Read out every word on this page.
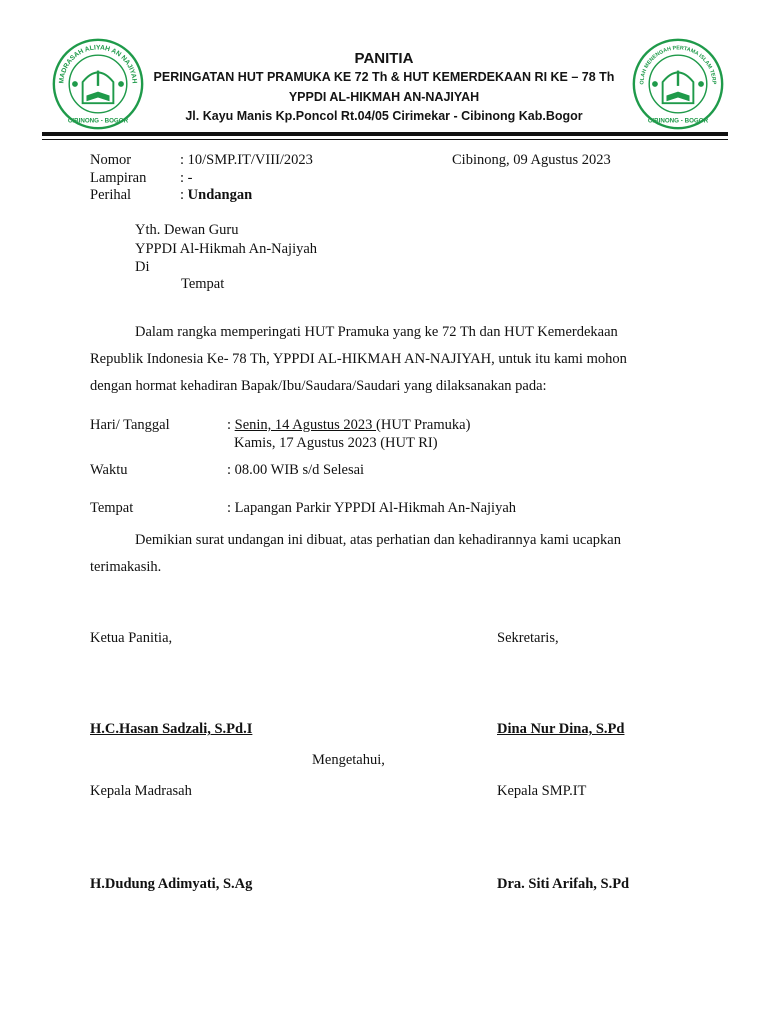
MADRASAH ALIYAH AN NAJIYAH
CIBINONG - BOGOR
OLAH MENENGAH PERTAMA ISLAM TERP
CIBINONG - BOGOR
PANITIA
PERINGATAN HUT PRAMUKA KE 72 Th & HUT KEMERDEKAAN RI KE – 78 Th
YPPDI AL-HIKMAH AN-NAJIYAH
Jl. Kayu Manis Kp.Poncol Rt.04/05 Cirimekar - Cibinong Kab.Bogor
Nomor	: 10/SMP.IT/VIII/2023	Cibinong, 09 Agustus 2023
Lampiran : -
Perihal	: Undangan
Yth. Dewan Guru
YPPDI Al-Hikmah An-Najiyah
Di
Tempat
Dalam rangka memperingati HUT Pramuka yang ke 72 Th dan HUT Kemerdekaan
Republik Indonesia Ke- 78 Th, YPPDI AL-HIKMAH AN-NAJIYAH, untuk itu kami mohon
dengan hormat kehadiran Bapak/Ibu/Saudara/Saudari yang dilaksanakan pada:
Hari/ Tanggal	: Senin, 14 Agustus 2023 (HUT Pramuka)
Kamis, 17 Agustus 2023 (HUT RI)
Waktu	: 08.00 WIB s/d Selesai
Tempat	: Lapangan Parkir YPPDI Al-Hikmah An-Najiyah
Demikian surat undangan ini dibuat, atas perhatian dan kehadirannya kami ucapkan
terimakasih.
Ketua Panitia,	Sekretaris,
H.C.Hasan Sadzali, S.Pd.I	Dina Nur Dina, S.Pd
Mengetahui,
Kepala Madrasah	Kepala SMP.IT
H.Dudung Adimyati, S.Ag	Dra. Siti Arifah, S.Pd
